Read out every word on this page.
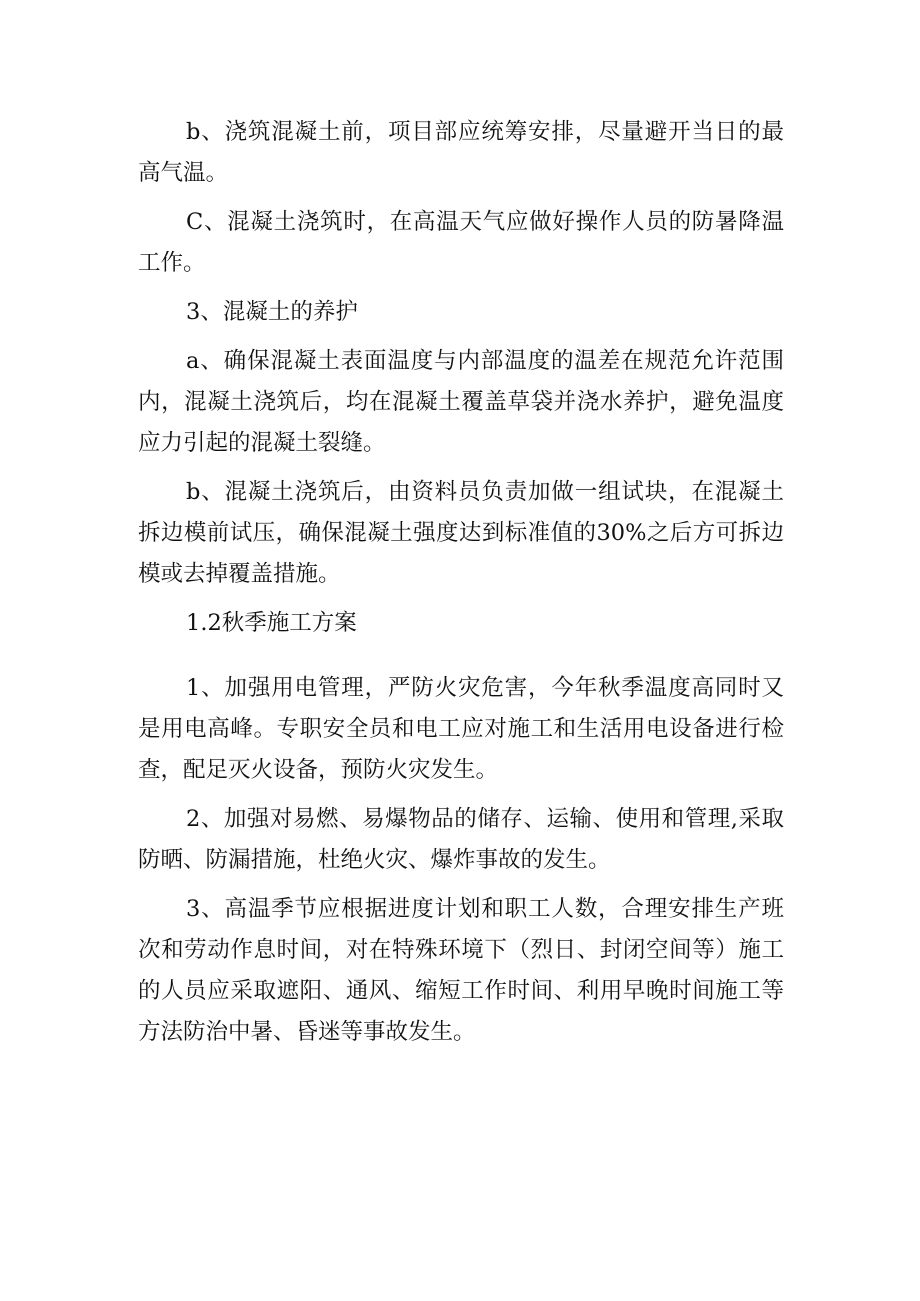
b、浇筑混凝土前，项目部应统筹安排，尽量避开当日的最高气温。

C、混凝土浇筑时，在高温天气应做好操作人员的防暑降温工作。

3、混凝土的养护

a、确保混凝土表面温度与内部温度的温差在规范允许范围内，混凝土浇筑后，均在混凝土覆盖草袋并浇水养护，避免温度应力引起的混凝土裂缝。

b、混凝土浇筑后，由资料员负责加做一组试块，在混凝土拆边模前试压，确保混凝土强度达到标准值的30%之后方可拆边模或去掉覆盖措施。

1.2秋季施工方案

1、加强用电管理，严防火灾危害，今年秋季温度高同时又是用电高峰。专职安全员和电工应对施工和生活用电设备进行检查，配足灭火设备，预防火灾发生。

2、加强对易燃、易爆物品的储存、运输、使用和管理,采取防晒、防漏措施，杜绝火灾、爆炸事故的发生。

3、高温季节应根据进度计划和职工人数，合理安排生产班次和劳动作息时间，对在特殊环境下（烈日、封闭空间等）施工的人员应采取遮阳、通风、缩短工作时间、利用早晚时间施工等方法防治中暑、昏迷等事故发生。
